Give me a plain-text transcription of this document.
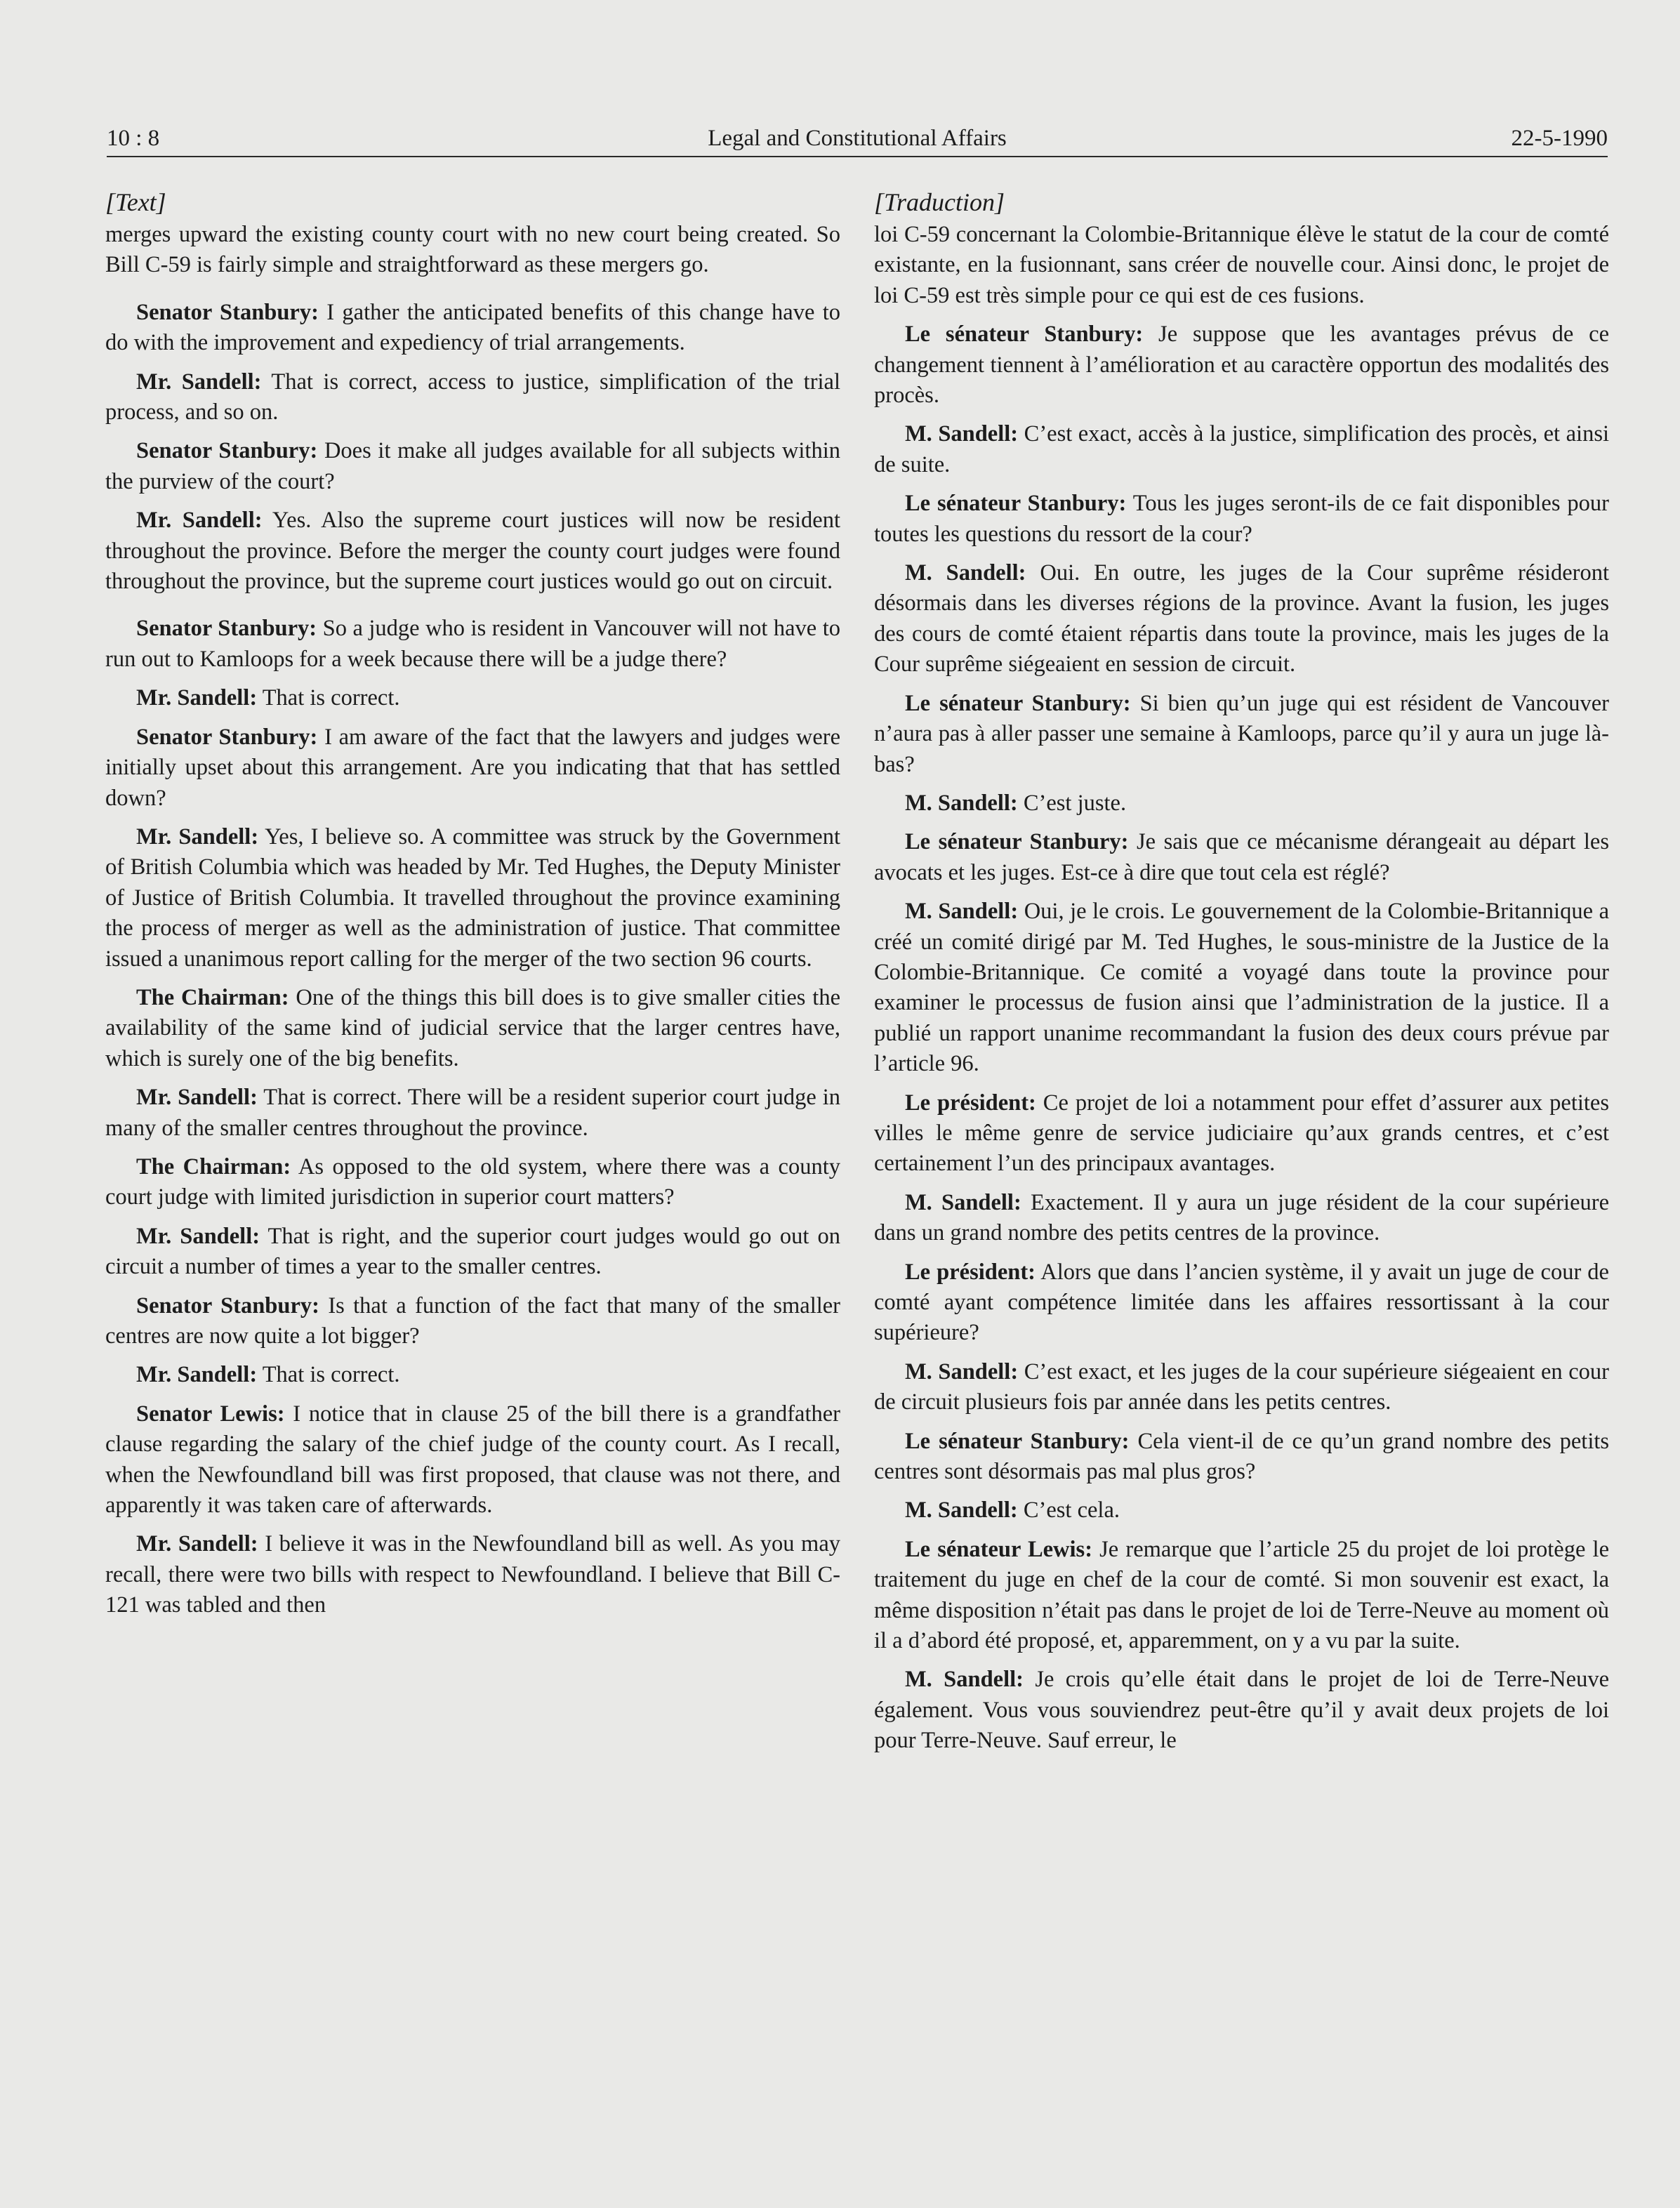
10 : 8	Legal and Constitutional Affairs	22-5-1990
[Text]

merges upward the existing county court with no new court being created. So Bill C-59 is fairly simple and straightforward as these mergers go.

Senator Stanbury: I gather the anticipated benefits of this change have to do with the improvement and expediency of trial arrangements.

Mr. Sandell: That is correct, access to justice, simplification of the trial process, and so on.

Senator Stanbury: Does it make all judges available for all subjects within the purview of the court?

Mr. Sandell: Yes. Also the supreme court justices will now be resident throughout the province. Before the merger the county court judges were found throughout the province, but the supreme court justices would go out on circuit.

Senator Stanbury: So a judge who is resident in Vancouver will not have to run out to Kamloops for a week because there will be a judge there?

Mr. Sandell: That is correct.

Senator Stanbury: I am aware of the fact that the lawyers and judges were initially upset about this arrangement. Are you indicating that that has settled down?

Mr. Sandell: Yes, I believe so. A committee was struck by the Government of British Columbia which was headed by Mr. Ted Hughes, the Deputy Minister of Justice of British Columbia. It travelled throughout the province examining the process of merger as well as the administration of justice. That committee issued a unanimous report calling for the merger of the two section 96 courts.

The Chairman: One of the things this bill does is to give smaller cities the availability of the same kind of judicial service that the larger centres have, which is surely one of the big benefits.

Mr. Sandell: That is correct. There will be a resident superior court judge in many of the smaller centres throughout the province.

The Chairman: As opposed to the old system, where there was a county court judge with limited jurisdiction in superior court matters?

Mr. Sandell: That is right, and the superior court judges would go out on circuit a number of times a year to the smaller centres.

Senator Stanbury: Is that a function of the fact that many of the smaller centres are now quite a lot bigger?

Mr. Sandell: That is correct.

Senator Lewis: I notice that in clause 25 of the bill there is a grandfather clause regarding the salary of the chief judge of the county court. As I recall, when the Newfoundland bill was first proposed, that clause was not there, and apparently it was taken care of afterwards.

Mr. Sandell: I believe it was in the Newfoundland bill as well. As you may recall, there were two bills with respect to Newfoundland. I believe that Bill C-121 was tabled and then

[Traduction]

loi C-59 concernant la Colombie-Britannique élève le statut de la cour de comté existante, en la fusionnant, sans créer de nouvelle cour. Ainsi donc, le projet de loi C-59 est très simple pour ce qui est de ces fusions.

Le sénateur Stanbury: Je suppose que les avantages prévus de ce changement tiennent à l’amélioration et au caractère opportun des modalités des procès.

M. Sandell: C’est exact, accès à la justice, simplification des procès, et ainsi de suite.

Le sénateur Stanbury: Tous les juges seront-ils de ce fait disponibles pour toutes les questions du ressort de la cour?

M. Sandell: Oui. En outre, les juges de la Cour suprême résideront désormais dans les diverses régions de la province. Avant la fusion, les juges des cours de comté étaient répartis dans toute la province, mais les juges de la Cour suprême siégeaient en session de circuit.

Le sénateur Stanbury: Si bien qu’un juge qui est résident de Vancouver n’aura pas à aller passer une semaine à Kamloops, parce qu’il y aura un juge là-bas?

M. Sandell: C’est juste.

Le sénateur Stanbury: Je sais que ce mécanisme dérangeait au départ les avocats et les juges. Est-ce à dire que tout cela est réglé?

M. Sandell: Oui, je le crois. Le gouvernement de la Colombie-Britannique a créé un comité dirigé par M. Ted Hughes, le sous-ministre de la Justice de la Colombie-Britannique. Ce comité a voyagé dans toute la province pour examiner le processus de fusion ainsi que l’administration de la justice. Il a publié un rapport unanime recommandant la fusion des deux cours prévue par l’article 96.

Le président: Ce projet de loi a notamment pour effet d’assurer aux petites villes le même genre de service judiciaire qu’aux grands centres, et c’est certainement l’un des principaux avantages.

M. Sandell: Exactement. Il y aura un juge résident de la cour supérieure dans un grand nombre des petits centres de la province.

Le président: Alors que dans l’ancien système, il y avait un juge de cour de comté ayant compétence limitée dans les affaires ressortissant à la cour supérieure?

M. Sandell: C’est exact, et les juges de la cour supérieure siégeaient en cour de circuit plusieurs fois par année dans les petits centres.

Le sénateur Stanbury: Cela vient-il de ce qu’un grand nombre des petits centres sont désormais pas mal plus gros?

M. Sandell: C’est cela.

Le sénateur Lewis: Je remarque que l’article 25 du projet de loi protège le traitement du juge en chef de la cour de comté. Si mon souvenir est exact, la même disposition n’était pas dans le projet de loi de Terre-Neuve au moment où il a d’abord été proposé, et, apparemment, on y a vu par la suite.

M. Sandell: Je crois qu’elle était dans le projet de loi de Terre-Neuve également. Vous vous souviendrez peut-être qu’il y avait deux projets de loi pour Terre-Neuve. Sauf erreur, le
